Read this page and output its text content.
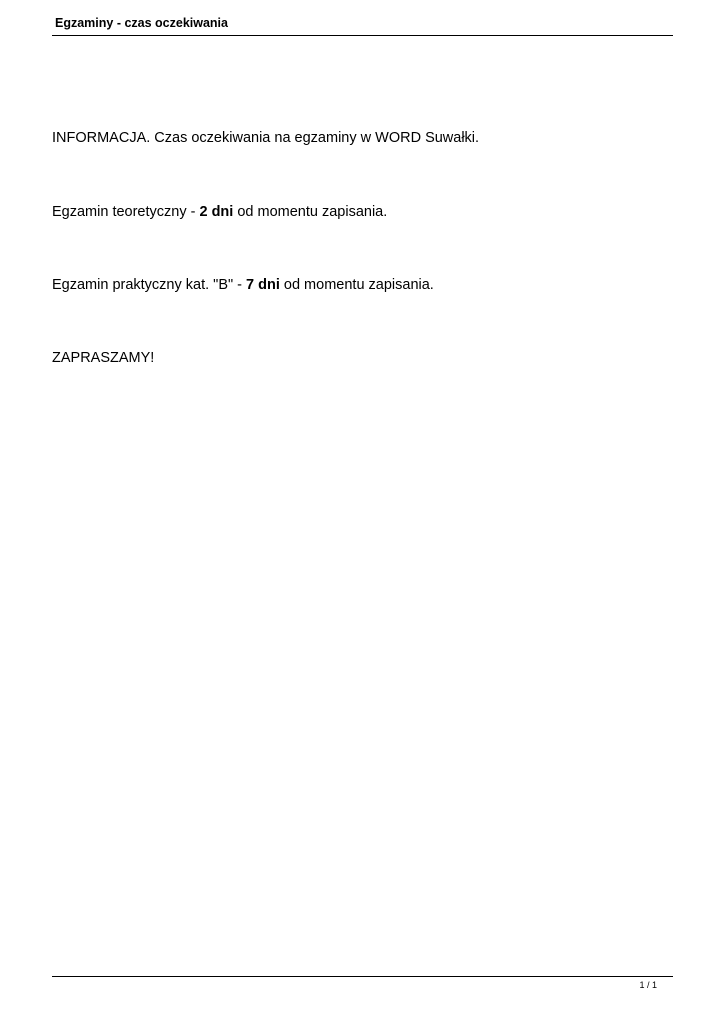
Egzaminy - czas oczekiwania

INFORMACJA. Czas oczekiwania na egzaminy w WORD Suwałki.

Egzamin teoretyczny - 2 dni od momentu zapisania.

Egzamin praktyczny kat. "B" - 7 dni od momentu zapisania.

ZAPRASZAMY!

1 / 1
